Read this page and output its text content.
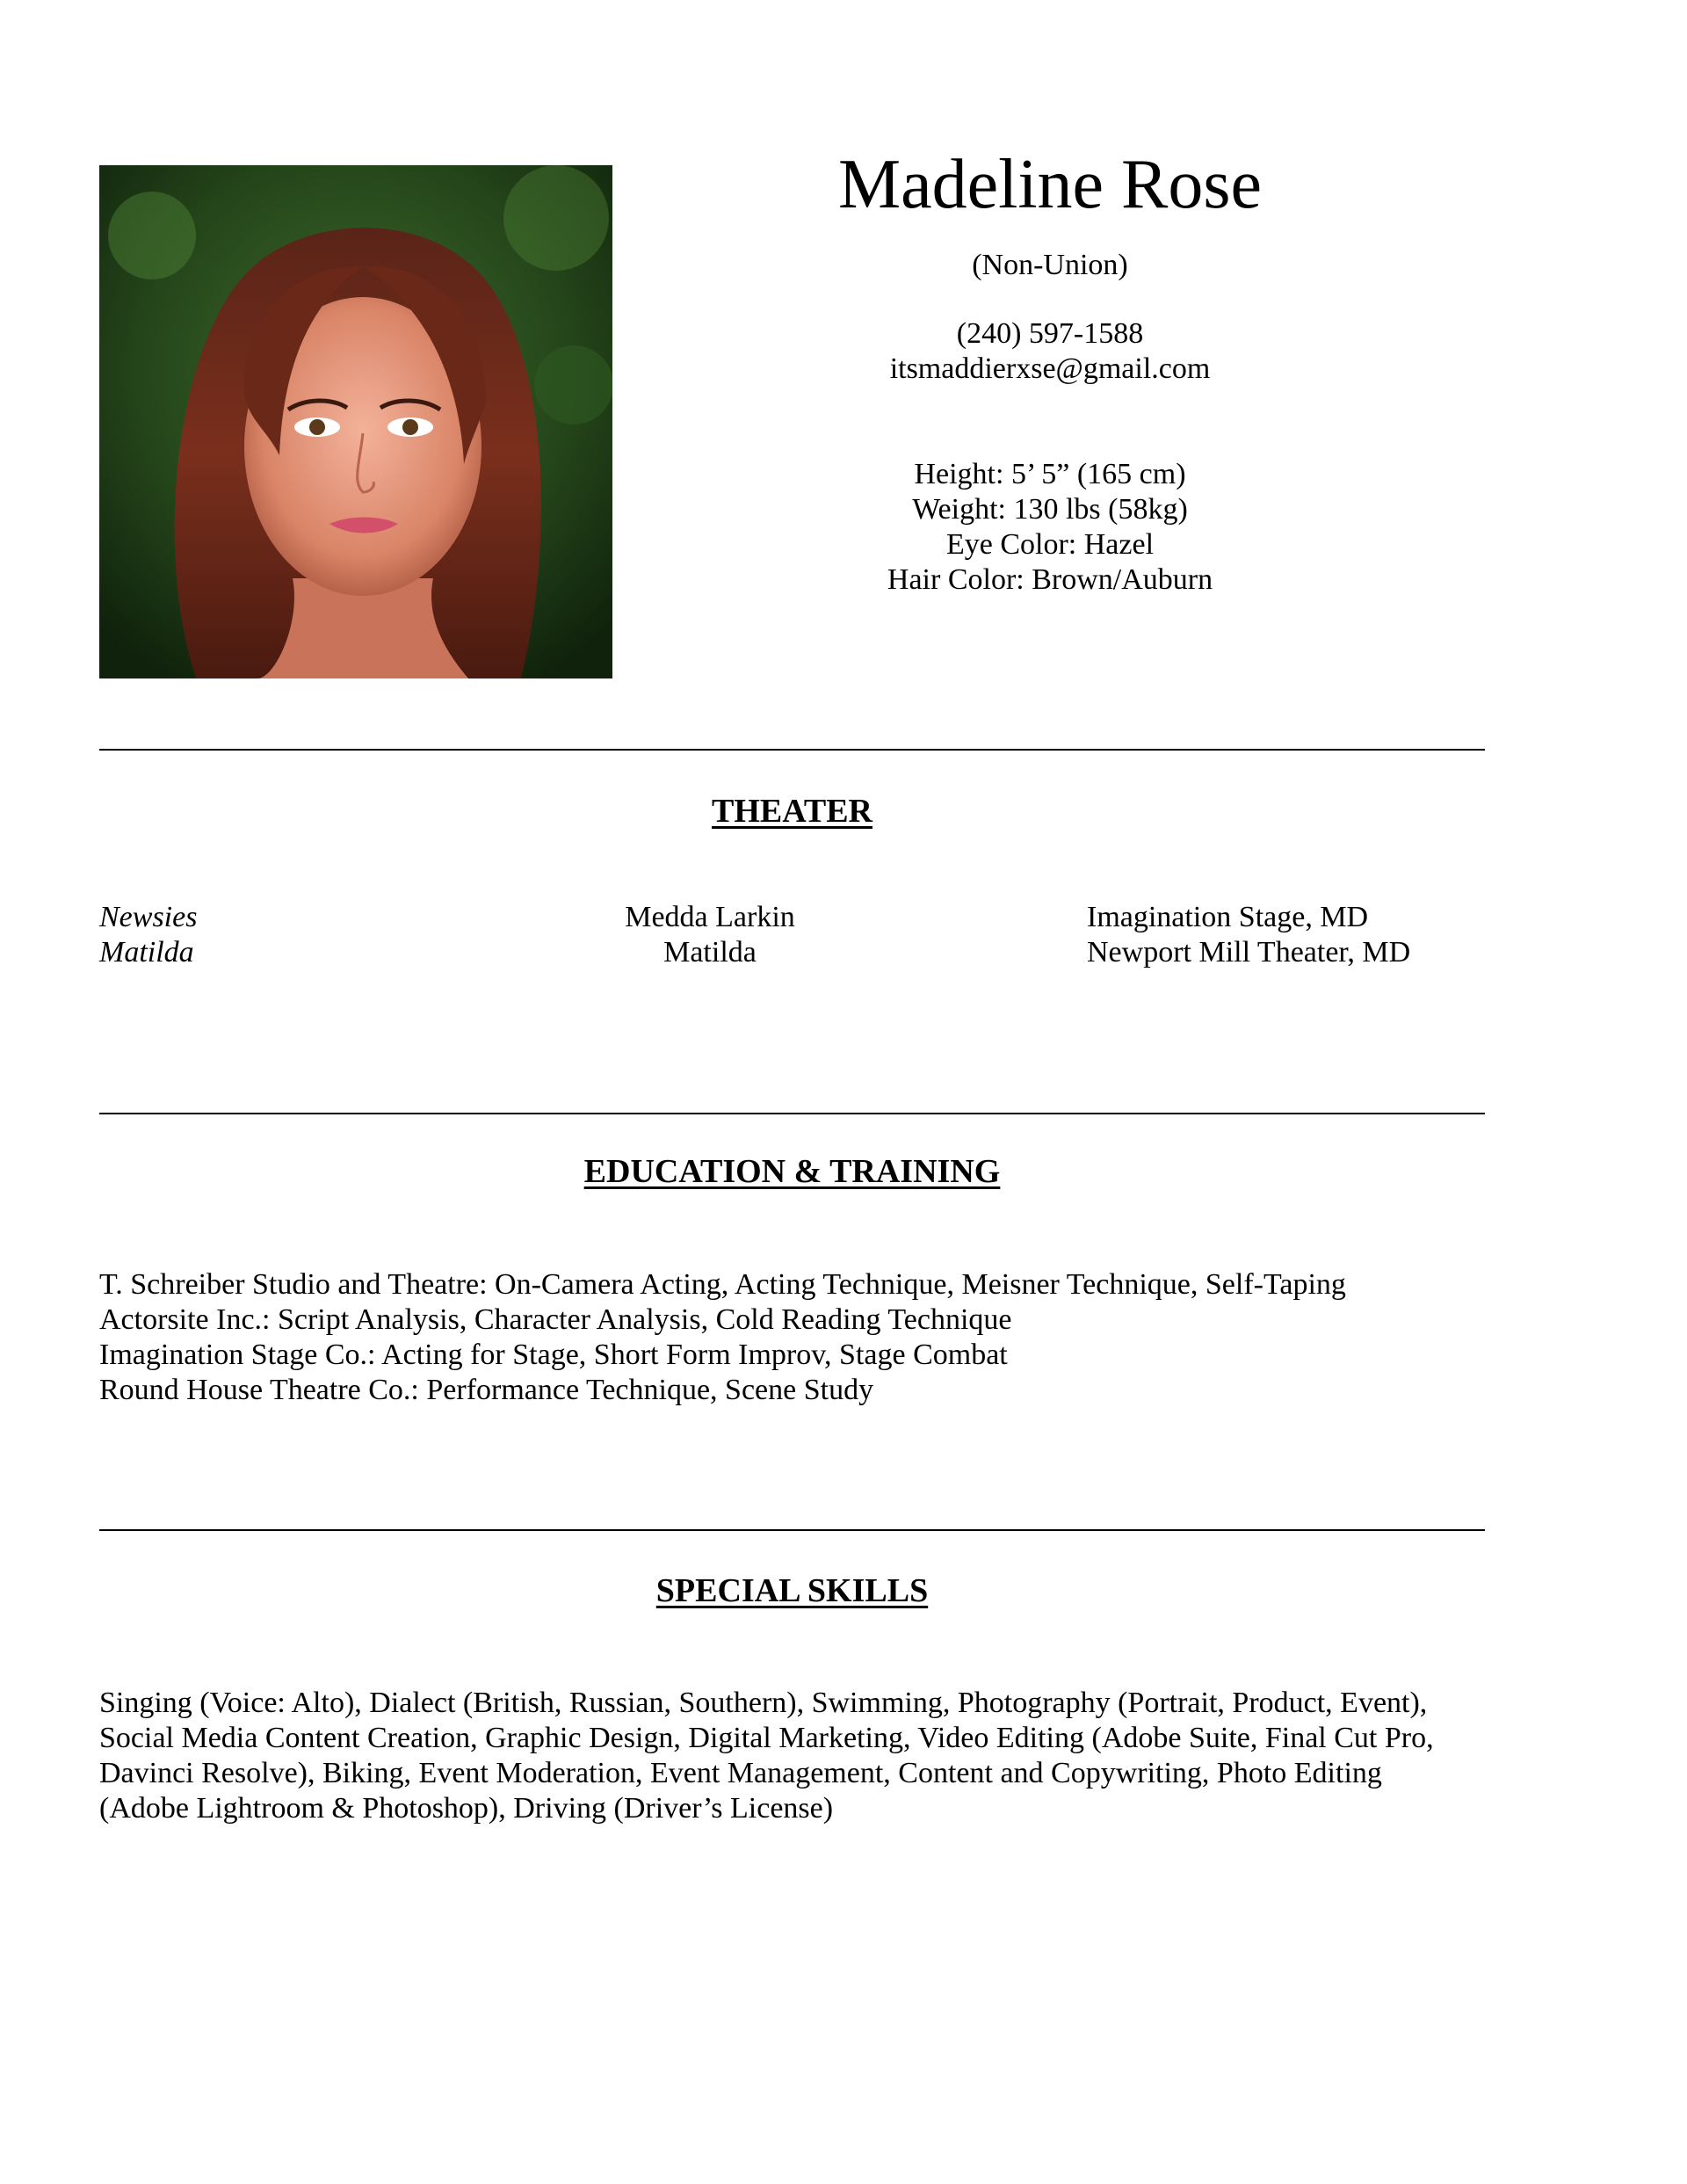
Madeline Rose
(Non-Union)
(240) 597-1588
itsmaddierxse@gmail.com
Height: 5’ 5” (165 cm)
Weight: 130 lbs (58kg)
Eye Color: Hazel
Hair Color: Brown/Auburn
THEATER
Newsies	Medda Larkin	Imagination Stage, MD
Matilda	Matilda	Newport Mill Theater, MD
EDUCATION & TRAINING
T. Schreiber Studio and Theatre: On-Camera Acting, Acting Technique, Meisner Technique, Self-Taping
Actorsite Inc.: Script Analysis, Character Analysis, Cold Reading Technique
Imagination Stage Co.: Acting for Stage, Short Form Improv, Stage Combat
Round House Theatre Co.: Performance Technique, Scene Study
SPECIAL SKILLS
Singing (Voice: Alto), Dialect (British, Russian, Southern), Swimming, Photography (Portrait, Product, Event),
Social Media Content Creation, Graphic Design, Digital Marketing, Video Editing (Adobe Suite, Final Cut Pro,
Davinci Resolve), Biking, Event Moderation, Event Management, Content and Copywriting, Photo Editing
(Adobe Lightroom & Photoshop), Driving (Driver’s License)
